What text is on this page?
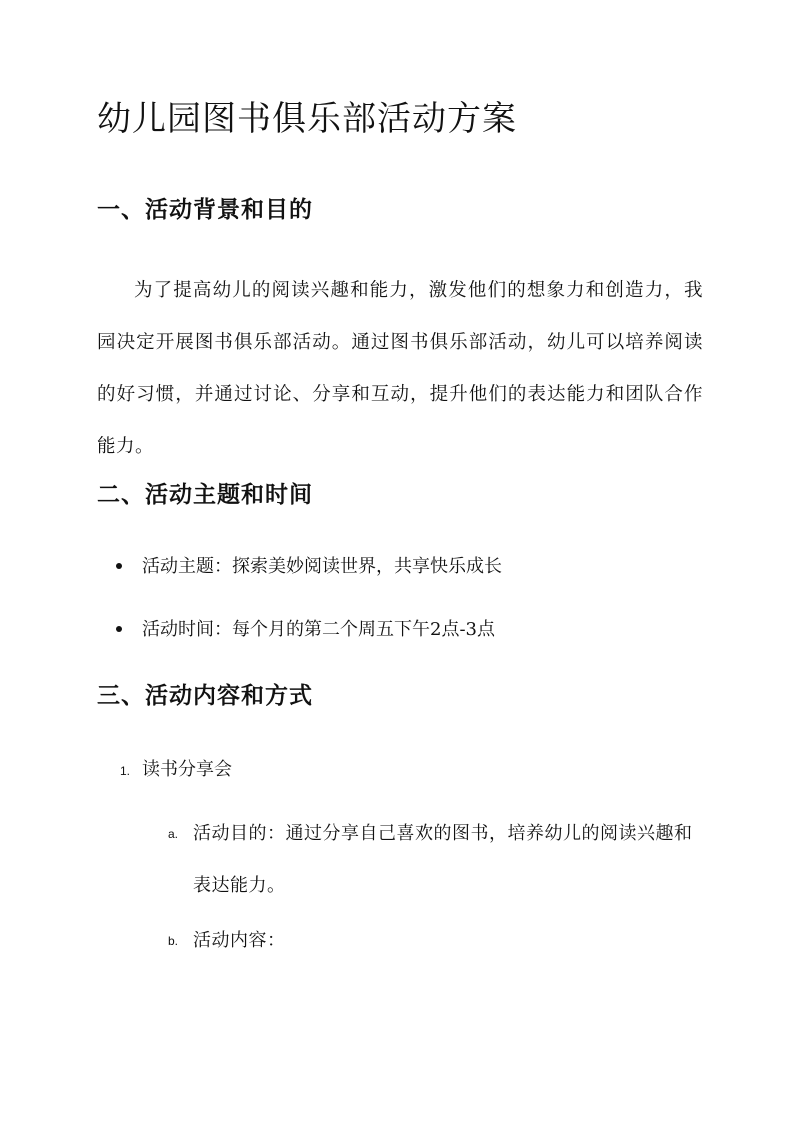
幼儿园图书俱乐部活动方案
一、活动背景和目的

为了提高幼儿的阅读兴趣和能力，激发他们的想象力和创造力，我园决定开展图书俱乐部活动。通过图书俱乐部活动，幼儿可以培养阅读的好习惯，并通过讨论、分享和互动，提升他们的表达能力和团队合作能力。

二、活动主题和时间
活动主题：探索美妙阅读世界，共享快乐成长
活动时间：每个月的第二个周五下午2点-3点
三、活动内容和方式
1. 读书分享会
a. 活动目的：通过分享自己喜欢的图书，培养幼儿的阅读兴趣和表达能力。
b. 活动内容：
